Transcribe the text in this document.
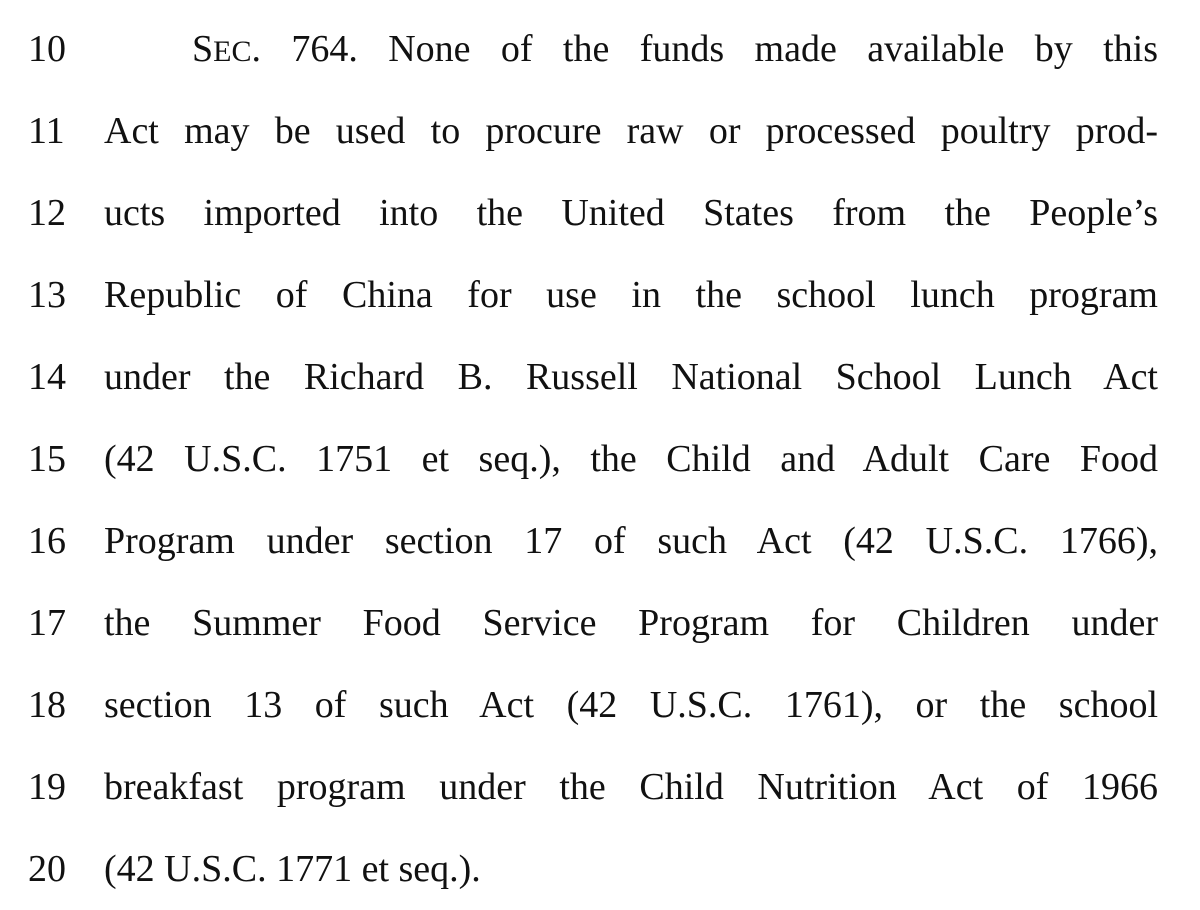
10	SEC. 764. None of the funds made available by this
11 Act may be used to procure raw or processed poultry prod-
12 ucts imported into the United States from the People’s
13 Republic of China for use in the school lunch program
14 under the Richard B. Russell National School Lunch Act
15 (42 U.S.C. 1751 et seq.), the Child and Adult Care Food
16 Program under section 17 of such Act (42 U.S.C. 1766),
17 the Summer Food Service Program for Children under
18 section 13 of such Act (42 U.S.C. 1761), or the school
19 breakfast program under the Child Nutrition Act of 1966
20 (42 U.S.C. 1771 et seq.).
